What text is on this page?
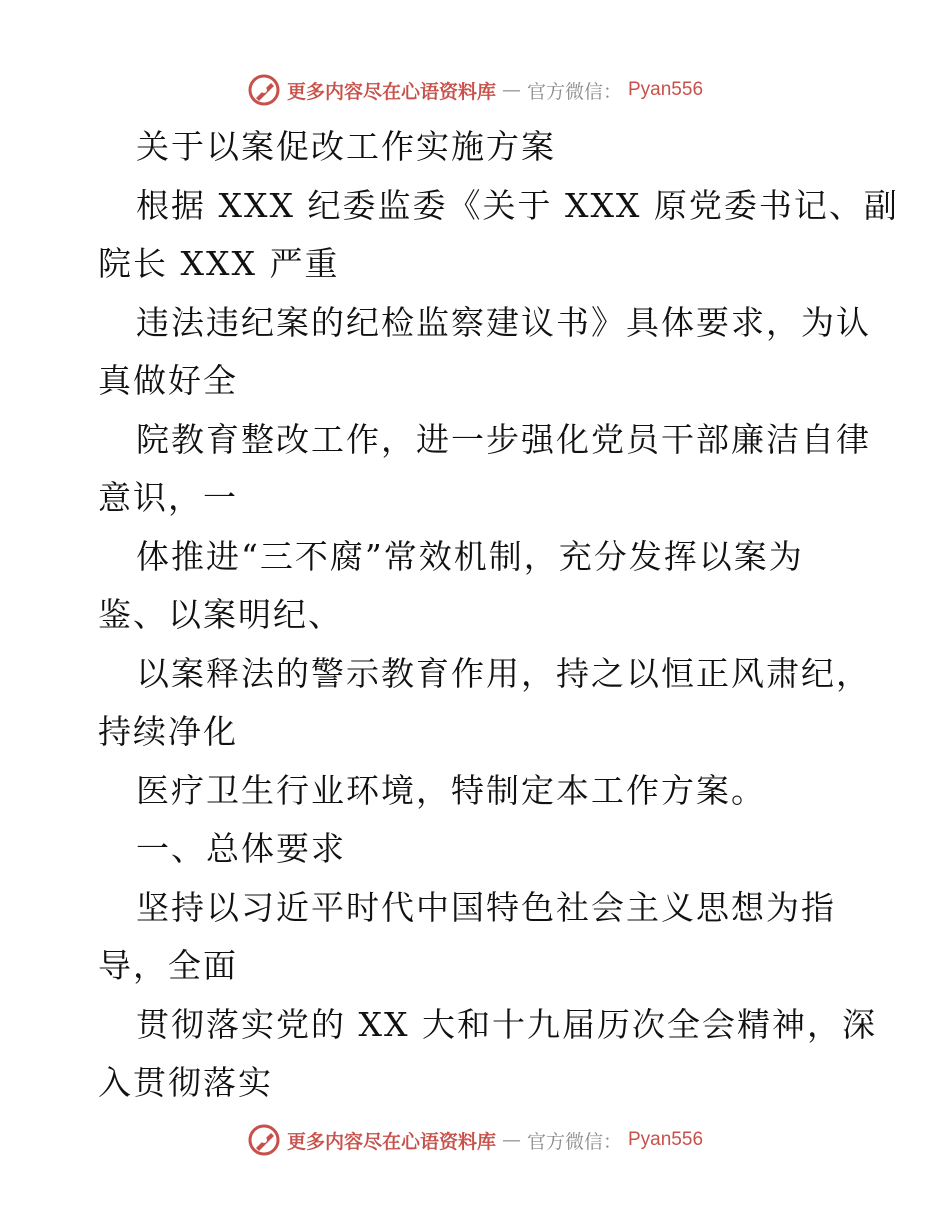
更多内容尽在心语资料库 — 官方微信： Pyan556
关于以案促改工作实施方案
根据 XXX 纪委监委《关于 XXX 原党委书记、副
院长 XXX 严重
违法违纪案的纪检监察建议书》具体要求，为认
真做好全
院教育整改工作，进一步强化党员干部廉洁自律
意识，一
体推进“三不腐”常效机制，充分发挥以案为
鉴、以案明纪、
以案释法的警示教育作用，持之以恒正风肃纪，
持续净化
医疗卫生行业环境，特制定本工作方案。
一、总体要求
坚持以习近平时代中国特色社会主义思想为指
导，全面
贯彻落实党的 XX 大和十九届历次全会精神，深
入贯彻落实
更多内容尽在心语资料库 — 官方微信： Pyan556
